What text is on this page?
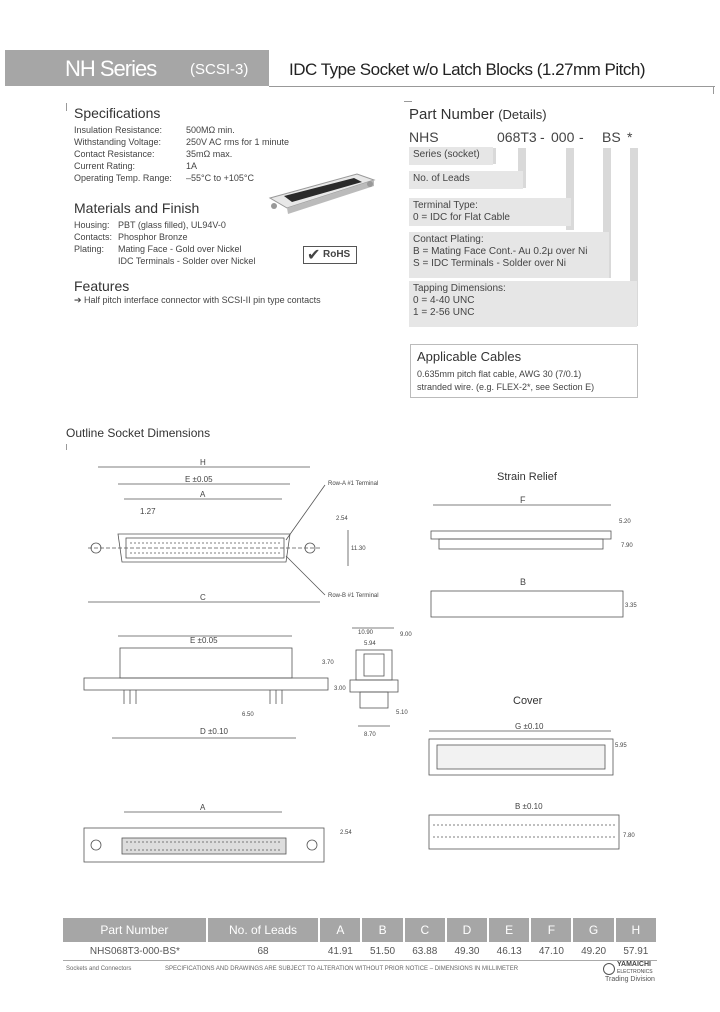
NH Series (SCSI-3) IDC Type Socket w/o Latch Blocks (1.27mm Pitch)
Specifications
Insulation Resistance:	500MΩ min.
Withstanding Voltage:	250V AC rms for 1 minute
Contact Resistance:	35mΩ max.
Current Rating:	1A
Operating Temp. Range: –55°C to +105°C
Materials and Finish
Housing: PBT (glass filled), UL94V-0
Contacts: Phosphor Bronze
Plating: Mating Face - Gold over Nickel
IDC Terminals - Solder over Nickel	✔ RoHS
Features
➔ Half pitch interface connector with SCSI-II pin type contacts
Part Number (Details)
NHS	068T3 - 000 - BS *
Series (socket)
No. of Leads
Terminal Type:
0 = IDC for Flat Cable
Contact Plating:
B = Mating Face Cont.- Au 0.2μ over Ni
S = IDC Terminals - Solder over Ni
Tapping Dimensions:
0 = 4-40 UNC
1 = 2-56 UNC
Applicable Cables
0.635mm pitch flat cable, AWG 30 (7/0.1)
stranded wire. (e.g. FLEX-2*, see Section E)
Outline Socket Dimensions
H
E ±0.05
A
1.27
C
Row-A #1 Terminal
Row-B #1 Terminal
2.54
11.30
E ±0.05
D ±0.10
6.50
3.70
3.00
10.90
5.94
9.00
8.70
5.10
A
2.54
Strain Relief
F
5.20
7.90
B
3.35
Cover
G ±0.10
5.95
B ±0.10
7.80
Part Number	No. of Leads	A	B	C	D	E	F	G	H
NHS068T3-000-BS*	68	41.91	51.50	63.88	49.30	46.13	47.10	49.20	57.91
Sockets and Connectors	SPECIFICATIONS AND DRAWINGS ARE SUBJECT TO ALTERATION WITHOUT PRIOR NOTICE – DIMENSIONS IN MILLIMETER
YAMAICHI
ELECTRONICS
Trading Division
